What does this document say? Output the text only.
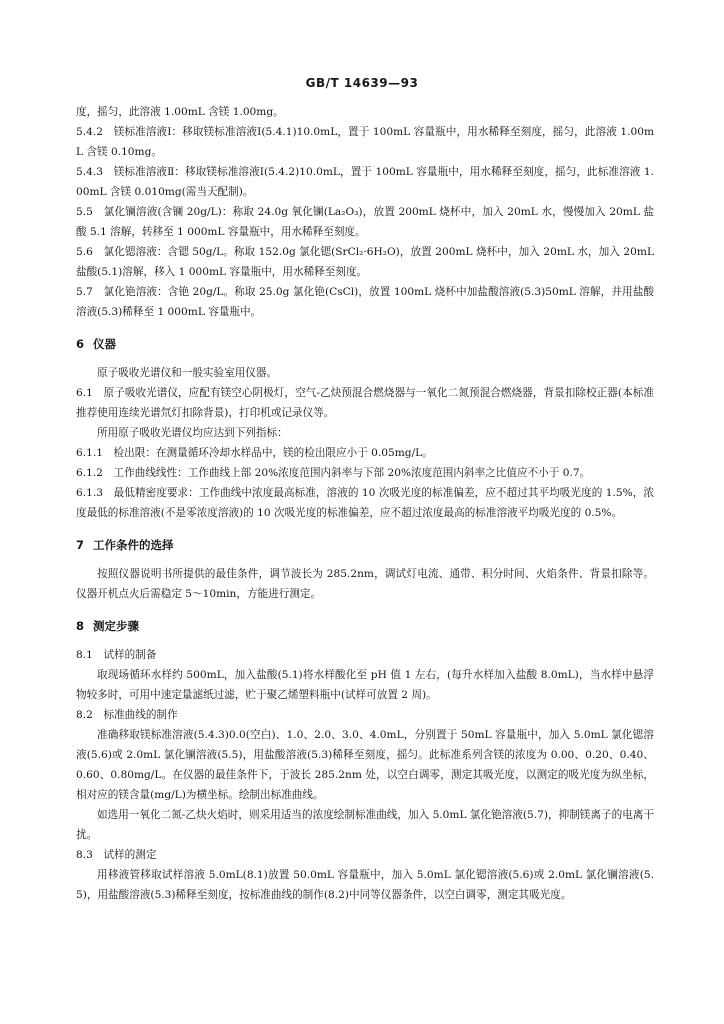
GB/T 14639—93

度，摇匀，此溶液 1.00mL 含镁 1.00mg。

5.4.2　镁标准溶液Ⅰ：移取镁标准溶液Ⅰ(5.4.1)10.0mL，置于 100mL 容量瓶中，用水稀释至刻度，摇匀，此溶液 1.00mL 含镁 0.10mg。

5.4.3　镁标准溶液Ⅱ：移取镁标准溶液Ⅰ(5.4.2)10.0mL，置于 100mL 容量瓶中，用水稀释至刻度，摇匀，此标准溶液 1.00mL 含镁 0.010mg(需当天配制)。

5.5　氯化镧溶液(含镧 20g/L)：称取 24.0g 氧化镧(La₂O₃)，放置 200mL 烧杯中，加入 20mL 水，慢慢加入 20mL 盐酸 5.1 溶解，转移至 1 000mL 容量瓶中，用水稀释至刻度。

5.6　氯化锶溶液：含锶 50g/L。称取 152.0g 氯化锶(SrCl₂·6H₂O)，放置 200mL 烧杯中，加入 20mL 水，加入 20mL 盐酸(5.1)溶解，移入 1 000mL 容量瓶中，用水稀释至刻度。

5.7　氯化铯溶液：含铯 20g/L。称取 25.0g 氯化铯(CsCl)，放置 100mL 烧杯中加盐酸溶液(5.3)50mL 溶解，并用盐酸溶液(5.3)稀释至 1 000mL 容量瓶中。

6 仪器

原子吸收光谱仪和一般实验室用仪器。

6.1　原子吸收光谱仪，应配有镁空心阴极灯，空气-乙炔预混合燃烧器与一氧化二氮预混合燃烧器，背景扣除校正器(本标准推荐使用连续光谱氘灯扣除背景)，打印机或记录仪等。

所用原子吸收光谱仪均应达到下列指标：

6.1.1　检出限：在测量循环冷却水样品中，镁的检出限应小于 0.05mg/L。

6.1.2　工作曲线线性：工作曲线上部 20%浓度范围内斜率与下部 20%浓度范围内斜率之比值应不小于 0.7。

6.1.3　最低精密度要求：工作曲线中浓度最高标准，溶液的 10 次吸光度的标准偏差，应不超过其平均吸光度的 1.5%，浓度最低的标准溶液(不是零浓度溶液)的 10 次吸光度的标准偏差，应不超过浓度最高的标准溶液平均吸光度的 0.5%。

7 工作条件的选择

按照仪器说明书所提供的最佳条件，调节波长为 285.2nm，调试灯电流、通带、积分时间、火焰条件、背景扣除等。仪器开机点火后需稳定 5～10min，方能进行测定。

8 测定步骤

8.1　试样的制备

取现场循环水样约 500mL，加入盐酸(5.1)将水样酸化至 pH 值 1 左右，(每升水样加入盐酸 8.0mL)，当水样中悬浮物较多时，可用中速定量滤纸过滤，贮于聚乙烯塑料瓶中(试样可放置 2 周)。

8.2　标准曲线的制作

准确移取镁标准溶液(5.4.3)0.0(空白)、1.0、2.0、3.0、4.0mL，分别置于 50mL 容量瓶中，加入 5.0mL 氯化锶溶液(5.6)或 2.0mL 氯化镧溶液(5.5)，用盐酸溶液(5.3)稀释至刻度，摇匀。此标准系列含镁的浓度为 0.00、0.20、0.40、0.60、0.80mg/L。在仪器的最佳条件下，于波长 285.2nm 处，以空白调零，测定其吸光度，以测定的吸光度为纵坐标，相对应的镁含量(mg/L)为横坐标。绘制出标准曲线。

如选用一氧化二氮-乙炔火焰时，则采用适当的浓度绘制标准曲线，加入 5.0mL 氯化铯溶液(5.7)，抑制镁离子的电离干扰。

8.3　试样的测定

用移液管移取试样溶液 5.0mL(8.1)放置 50.0mL 容量瓶中，加入 5.0mL 氯化锶溶液(5.6)或 2.0mL 氯化镧溶液(5.5)，用盐酸溶液(5.3)稀释至刻度，按标准曲线的制作(8.2)中同等仪器条件，以空白调零，测定其吸光度。
